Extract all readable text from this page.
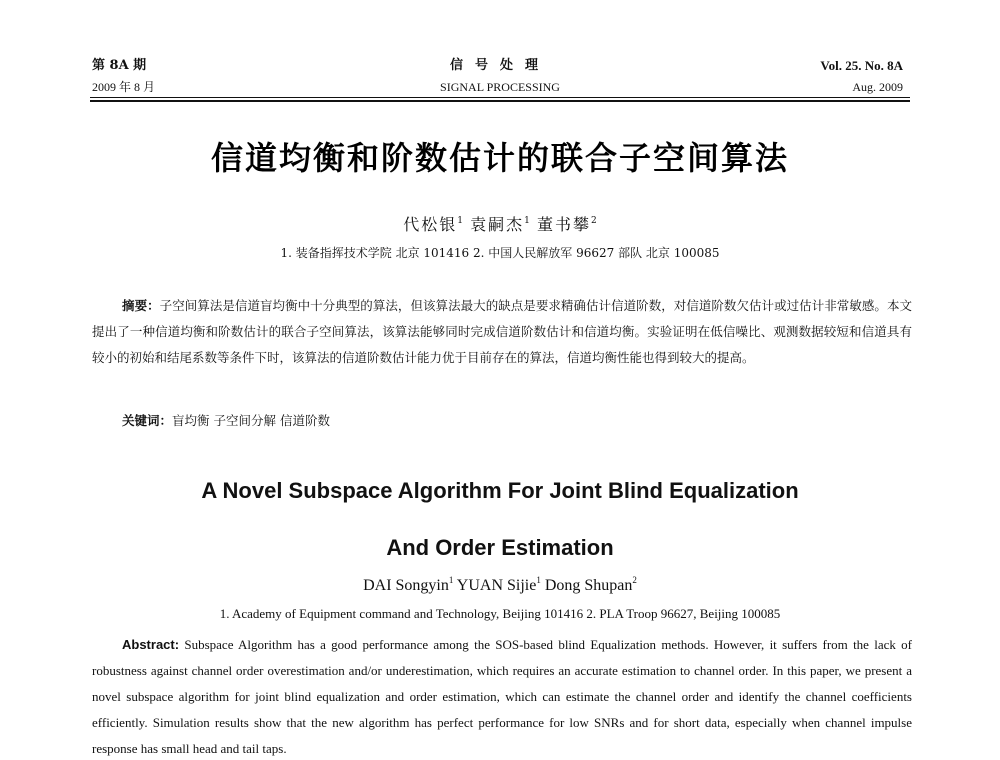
第 8A 期	信号处理	Vol. 25. No. 8A
2009 年 8 月	SIGNAL PROCESSING	Aug. 2009
信道均衡和阶数估计的联合子空间算法
代松银$^1$ 袁嗣杰$^1$ 董书攀$^2$
1. 装备指挥技术学院 北京 101416 2. 中国人民解放军 96627 部队 北京 100085

摘要：子空间算法是信道盲均衡中十分典型的算法，但该算法最大的缺点是要求精确估计信道阶数，对信道阶数欠估计或过估计非常敏感。本文提出了一种信道均衡和阶数估计的联合子空间算法，该算法能够同时完成信道阶数估计和信道均衡。实验证明在低信噪比、观测数据较短和信道具有较小的初始和结尾系数等条件下时，该算法的信道阶数估计能力优于目前存在的算法，信道均衡性能也得到较大的提高。

关键词：盲均衡 子空间分解 信道阶数

A Novel Subspace Algorithm For Joint Blind Equalization
And Order Estimation
DAI Songyin$^1$ YUAN Sijie$^1$ Dong Shupan$^2$
1. Academy of Equipment command and Technology, Beijing 101416 2. PLA Troop 96627, Beijing 100085

Abstract: Subspace Algorithm has a good performance among the SOS-based blind Equalization methods. However, it suffers from the lack of robustness against channel order overestimation and/or underestimation, which requires an accurate estimation to channel order. In this paper, we present a novel subspace algorithm for joint blind equalization and order estimation, which can estimate the channel order and identify the channel coefficients efficiently. Simulation results show that the new algorithm has perfect performance for low SNRs and for short data, especially when channel impulse response has small head and tail taps.
